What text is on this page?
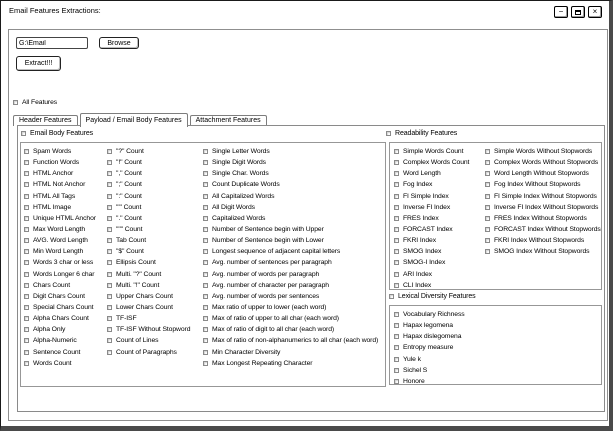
Email Features Extractions:	−	×
G:\Email
Browse
Extract!!!
All Features
Header Features	Payload / Email Body Features	Attachment Features
Email Body Features
Spam Words
Function Words
HTML Anchor
HTML Not Anchor
HTML All Tags
HTML Image
Unique HTML Anchor
Max Word Length
AVG. Word Length
Min Word Length
Words 3 char or less
Words Longer 6 char
Chars Count
Digit Chars Count
Special Chars Count
Alpha Chars Count
Alpha Only
Alpha-Numeric
Sentence Count
Words Count
"?" Count
"!" Count
"," Count
";" Count
":" Count
"'" Count
"." Count
""" Count
Tab Count
"$" Count
Ellipsis Count
Multi. "?" Count
Multi. "!" Count
Upper Chars Count
Lower Chars Count
TF-ISF
TF-ISF Without Stopword
Count of Lines
Count of Paragraphs
Single Letter Words
Single Digit Words
Single Char. Words
Count Duplicate Words
All Capitalized Words
All Digit Words
Capitalized Words
Number of Sentence begin with Upper
Number of Sentence begin with Lower
Longest sequence of adjacent capital letters
Avg. number of sentences per paragraph
Avg. number of words per paragraph
Avg. number of character per paragraph
Avg. number of words per sentences
Max ratio of upper to lower (each word)
Max of ratio of upper to all char (each word)
Max of ratio of digit to all char (each word)
Max of ratio of non-alphanumerics to all char (each word)
Min Character Diversity
Max Longest Repeating Character
Readability Features
Simple Words Count
Complex Words Count
Word Length
Fog Index
FI Simple Index
Inverse FI Index
FRES Index
FORCAST Index
FKRI Index
SMOG Index
SMOG-I Index
ARI Index
CLI Index
Simple Words Without Stopwords
Complex Words Without Stopwords
Word Length Without Stopwords
Fog Index Without Stopwords
FI Simple Index Without Stopwords
Inverse FI Index Without Stopwords
FRES Index Without Stopwords
FORCAST Index Without Stopwords
FKRI Index Without Stopwords
SMOG Index Without Stopwords
Lexical Diversity Features
Vocabulary Richness
Hapax legomena
Hapax dislegomena
Entropy measure
Yule k
Sichel S
Honore
